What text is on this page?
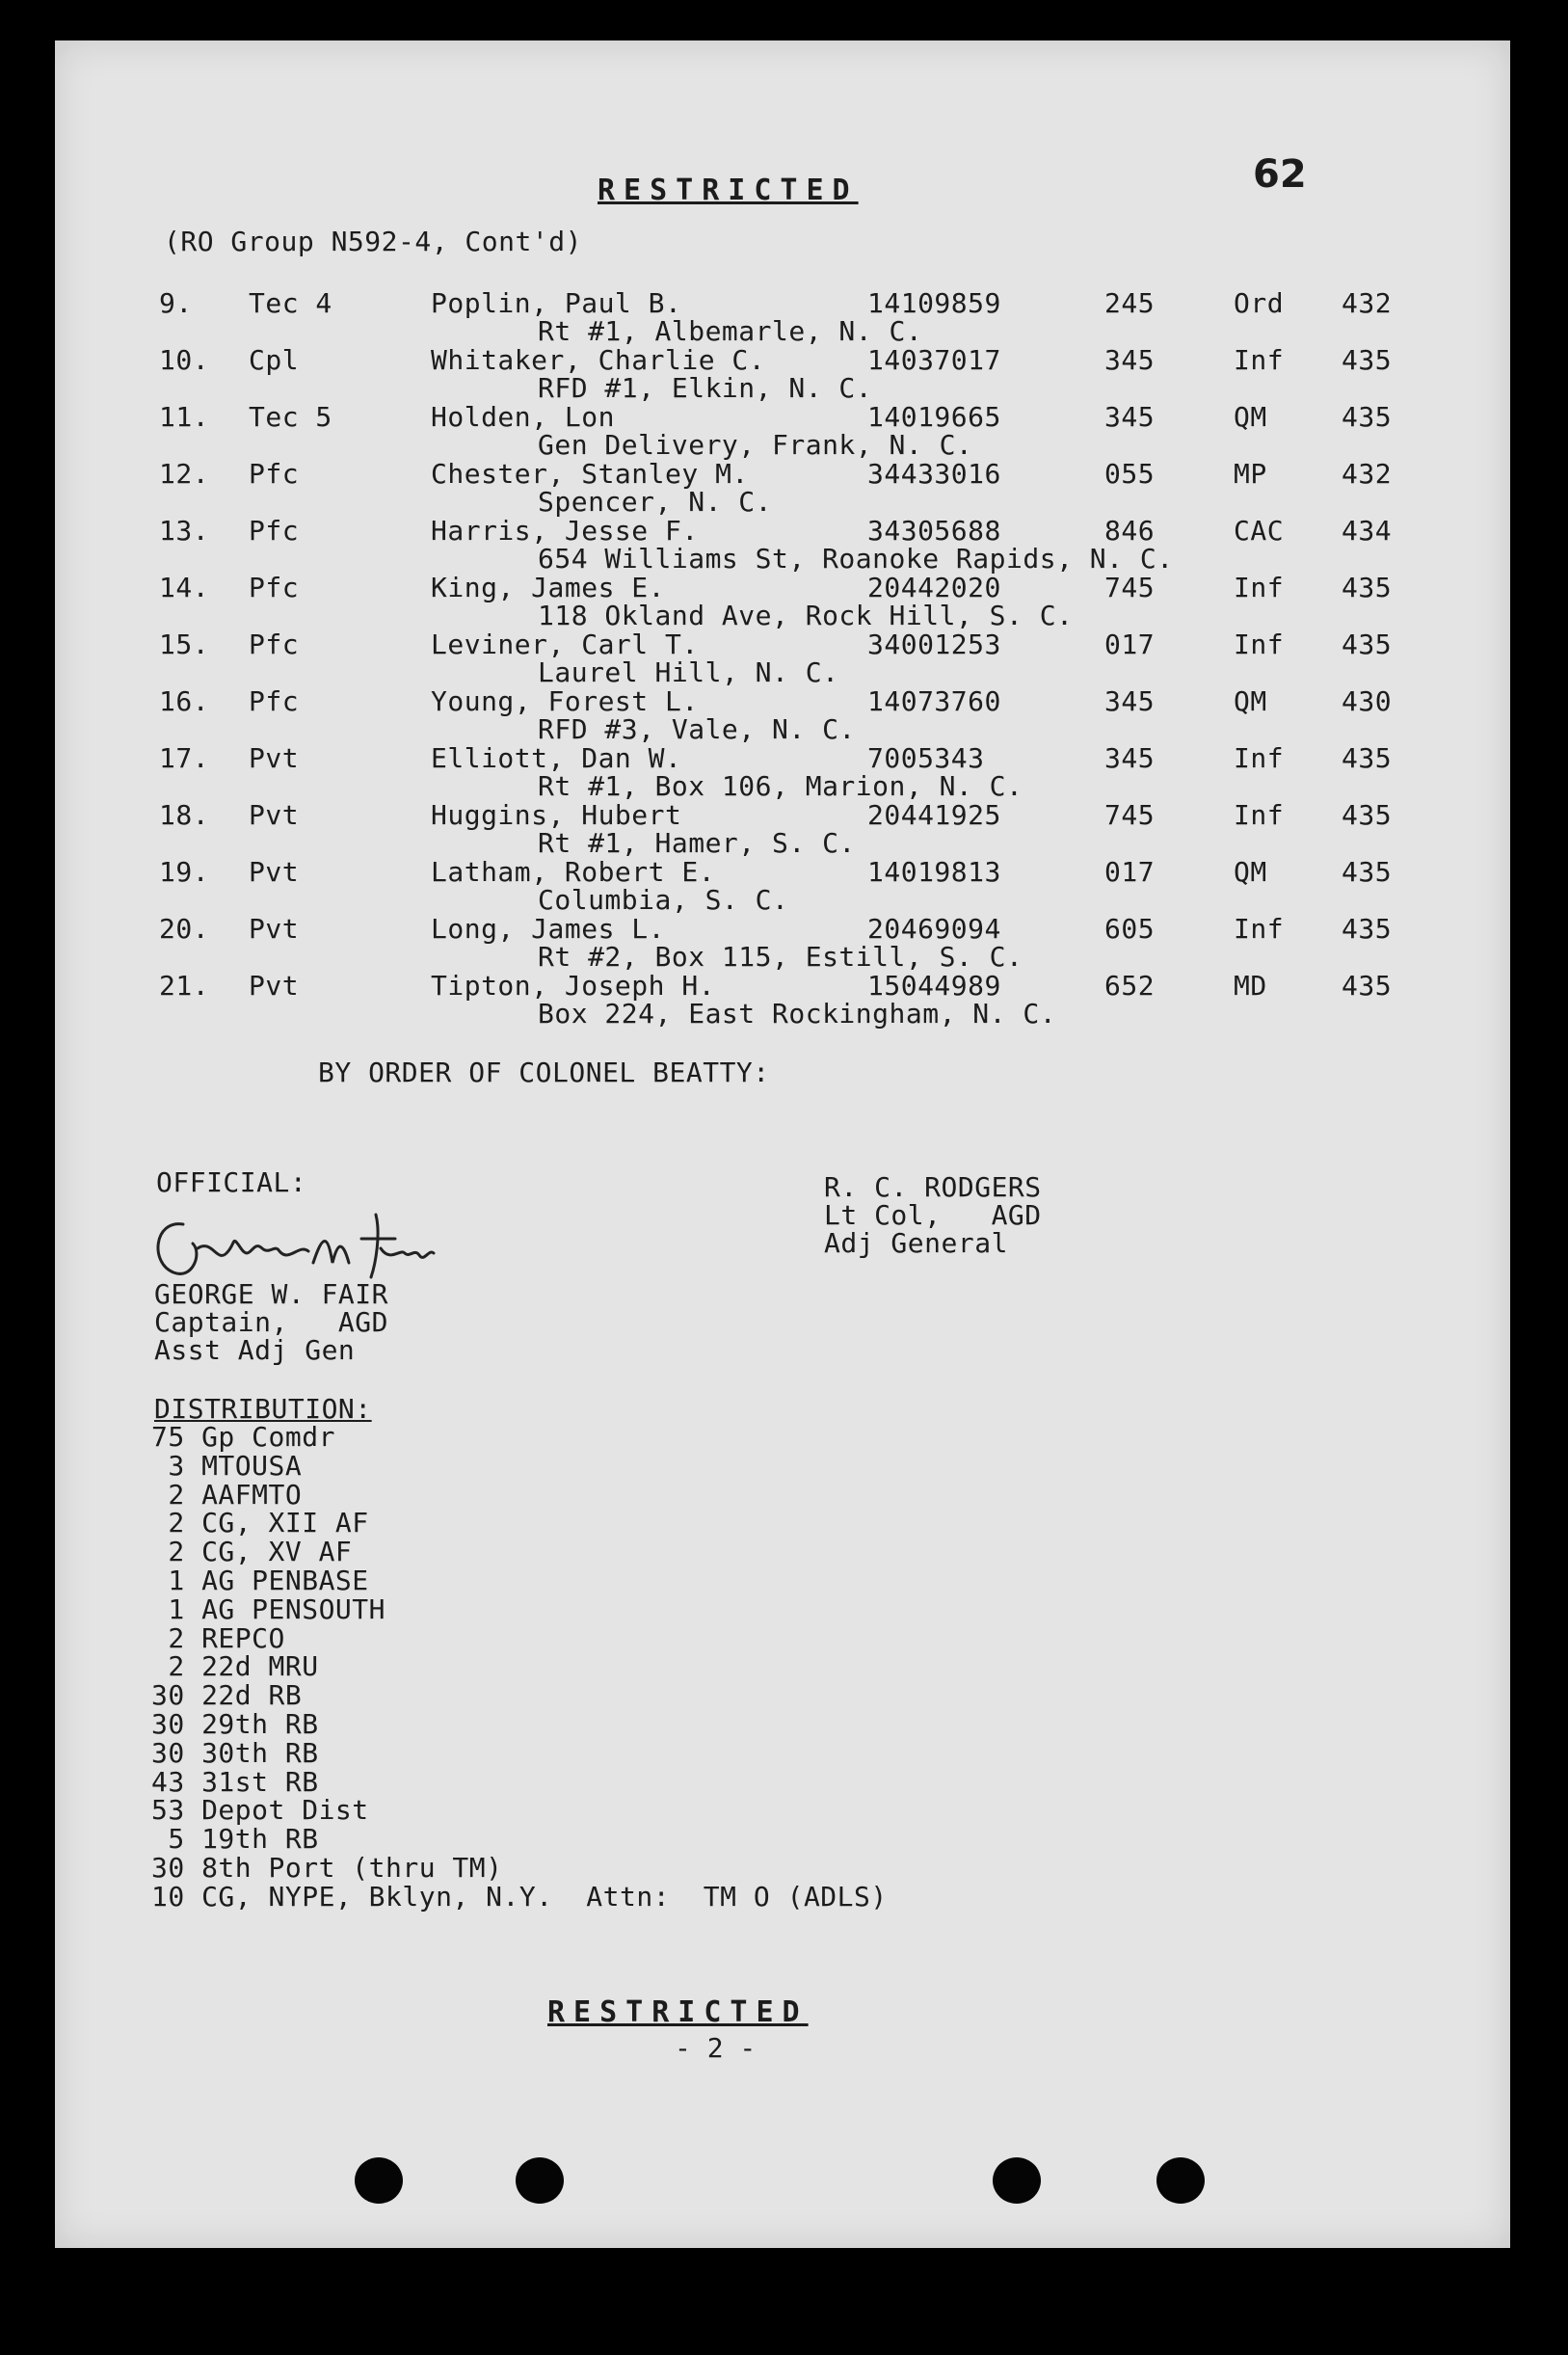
62
RESTRICTED
(RO Group N592-4, Cont'd)
9. Tec 4	Poplin, Paul B.	14109859	245	Ord 432
Rt #1, Albemarle, N. C.
10. Cpl	Whitaker, Charlie C.	14037017	345	Inf 435
RFD #1, Elkin, N. C.
11. Tec 5	Holden, Lon	14019665	345	QM	435
Gen Delivery, Frank, N. C.
12. Pfc	Chester, Stanley M.	34433016	055	MP	432
Spencer, N. C.
13. Pfc	Harris, Jesse F.	34305688	846	CAC 434
654 Williams St, Roanoke Rapids, N. C.
14. Pfc	King, James E.	20442020	745	Inf 435
118 Okland Ave, Rock Hill, S. C.
15. Pfc	Leviner, Carl T.	34001253	017	Inf 435
Laurel Hill, N. C.
16. Pfc	Young, Forest L.	14073760	345	QM	430
RFD #3, Vale, N. C.
17. Pvt	Elliott, Dan W.	7005343	345	Inf 435
Rt #1, Box 106, Marion, N. C.
18. Pvt	Huggins, Hubert	20441925	745	Inf 435
Rt #1, Hamer, S. C.
19. Pvt	Latham, Robert E.	14019813	017	QM	435
Columbia, S. C.
20. Pvt	Long, James L.	20469094	605	Inf 435
Rt #2, Box 115, Estill, S. C.
21. Pvt	Tipton, Joseph H.	15044989	652	MD	435
Box 224, East Rockingham, N. C.
BY ORDER OF COLONEL BEATTY:
OFFICIAL:
GEORGE W. FAIR
Captain,   AGD
Asst Adj Gen
R. C. RODGERS
Lt Col,   AGD
Adj General
DISTRIBUTION:
75 Gp Comdr
3 MTOUSA
2 AAFMTO
2 CG, XII AF
2 CG, XV AF
1 AG PENBASE
1 AG PENSOUTH
2 REPCO
2 22d MRU
30 22d RB
30 29th RB
30 30th RB
43 31st RB
53 Depot Dist
5 19th RB
30 8th Port (thru TM)
10 CG, NYPE, Bklyn, N.Y.  Attn:  TM O (ADLS)
RESTRICTED
- 2 -
